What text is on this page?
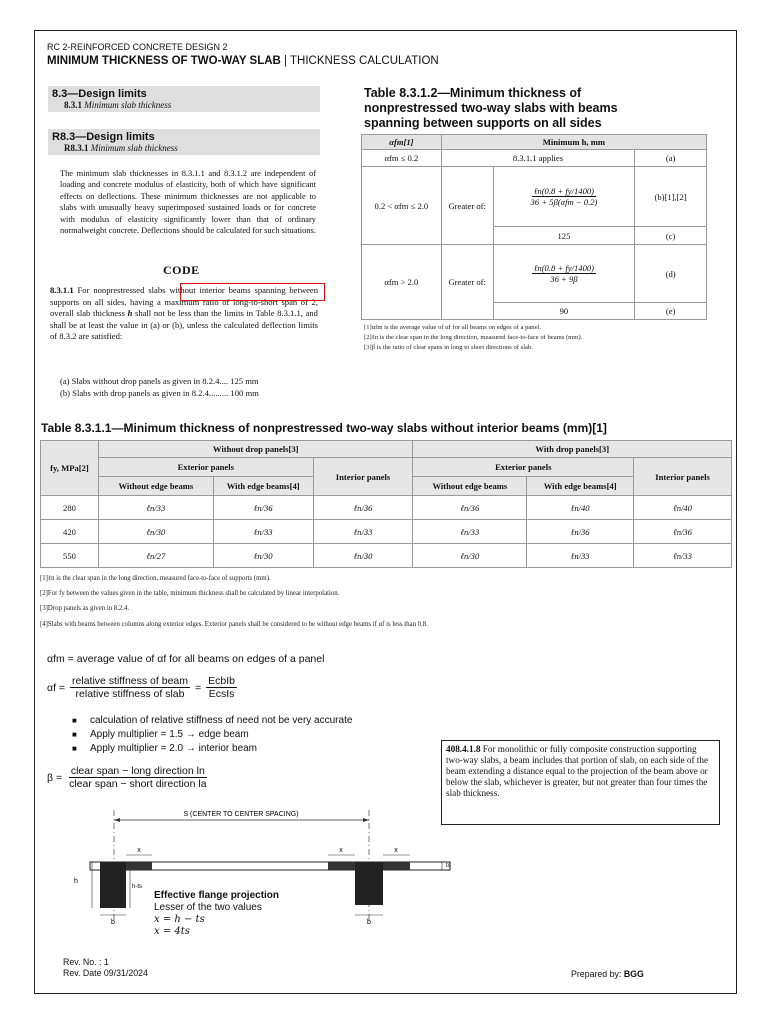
RC 2-REINFORCED CONCRETE DESIGN 2
MINIMUM THICKNESS OF TWO-WAY SLAB | THICKNESS CALCULATION
8.3—Design limits
8.3.1 Minimum slab thickness
R8.3—Design limits
R8.3.1 Minimum slab thickness
The minimum slab thicknesses in 8.3.1.1 and 8.3.1.2 are independent of loading and concrete modulus of elasticity, both of which have significant effects on deflections. These minimum thicknesses are not applicable to slabs with unusually heavy superimposed sustained loads or for concrete with modulus of elasticity significantly lower than that of ordinary normalweight concrete. Deflections should be calculated for such situations.
CODE
8.3.1.1 For nonprestressed slabs without interior beams spanning between supports on all sides, having a maximum ratio of long-to-short span of 2, overall slab thickness h shall not be less than the limits in Table 8.3.1.1, and shall be at least the value in (a) or (b), unless the calculated deflection limits of 8.3.2 are satisfied:
(a) Slabs without drop panels as given in 8.2.4.... 125 mm
(b) Slabs with drop panels as given in 8.2.4......... 100 mm
Table 8.3.1.2—Minimum thickness of nonprestressed two-way slabs with beams spanning between supports on all sides
αfm[1]	Minimum h, mm		
αfm ≤ 0.2	8.3.1.1 applies		(a)
0.2 < αfm ≤ 2.0	Greater of:	$\frac{\text{ℓn(0.8 + fy/1400)}}{\text{36 + 5β(αfm − 0.2)}}$	(b)[1],[2]
		125	(c)
αfm > 2.0	Greater of:	$\frac{\text{ℓn(0.8 + fy/1400)}}{36 + 9\beta}$	(d)
		90	(e)
[1]αfm is the average value of αf for all beams on edges of a panel.
[2]ℓn is the clear span in the long direction, measured face-to-face of beams (mm).
[3]β is the ratio of clear spans in long to short directions of slab.
Table 8.3.1.1—Minimum thickness of nonprestressed two-way slabs without interior beams (mm)[1]
fy, MPa[2]	Without drop panels[3]			With drop panels[3]		
	Exterior panels		Interior panels	Exterior panels		Interior panels
	Without edge beams	With edge beams[4]		Without edge beams	With edge beams[4]	
280	ℓn/33	ℓn/36	ℓn/36	ℓn/36	ℓn/40	ℓn/40
420	ℓn/30	ℓn/33	ℓn/33	ℓn/33	ℓn/36	ℓn/36
550	ℓn/27	ℓn/30	ℓn/30	ℓn/30	ℓn/33	ℓn/33
[1]ℓn is the clear span in the long direction, measured face-to-face of supports (mm).
[2]For fy between the values given in the table, minimum thickness shall be calculated by linear interpolation.
[3]Drop panels as given in 8.2.4.
[4]Slabs with beams between columns along exterior edges. Exterior panels shall be considered to be without edge beams if αf is less than 0.8.
αfm = average value of αf for all beams on edges of a panel
$\alpha f = \frac{\text{relative stiffness of beam}}{\text{relative stiffness of slab}} = \frac{\text{EcbIb}}{\text{EcsIs}}$
■ calculation of relative stiffness αf need not be very accurate
■ Apply multiplier = 1.5 → edge beam
■ Apply multiplier = 2.0 → interior beam
$\beta = \frac{\text{clear span − long direction ln}}{\text{clear span − short direction la}}$
408.4.1.8 For monolithic or fully composite construction supporting two-way slabs, a beam includes that portion of slab, on each side of the beam extending a distance equal to the projection of the beam above or below the slab, whichever is greater, but not greater than four times the slab thickness.
S (CENTER TO CENTER SPACING)
x	x	x
h
h-ts
b	b
ts
Effective flange projection
Lesser of the two values
x = h − ts
x = 4ts
Rev. No. : 1
Rev. Date 09/31/2024	Prepared by: BGG
